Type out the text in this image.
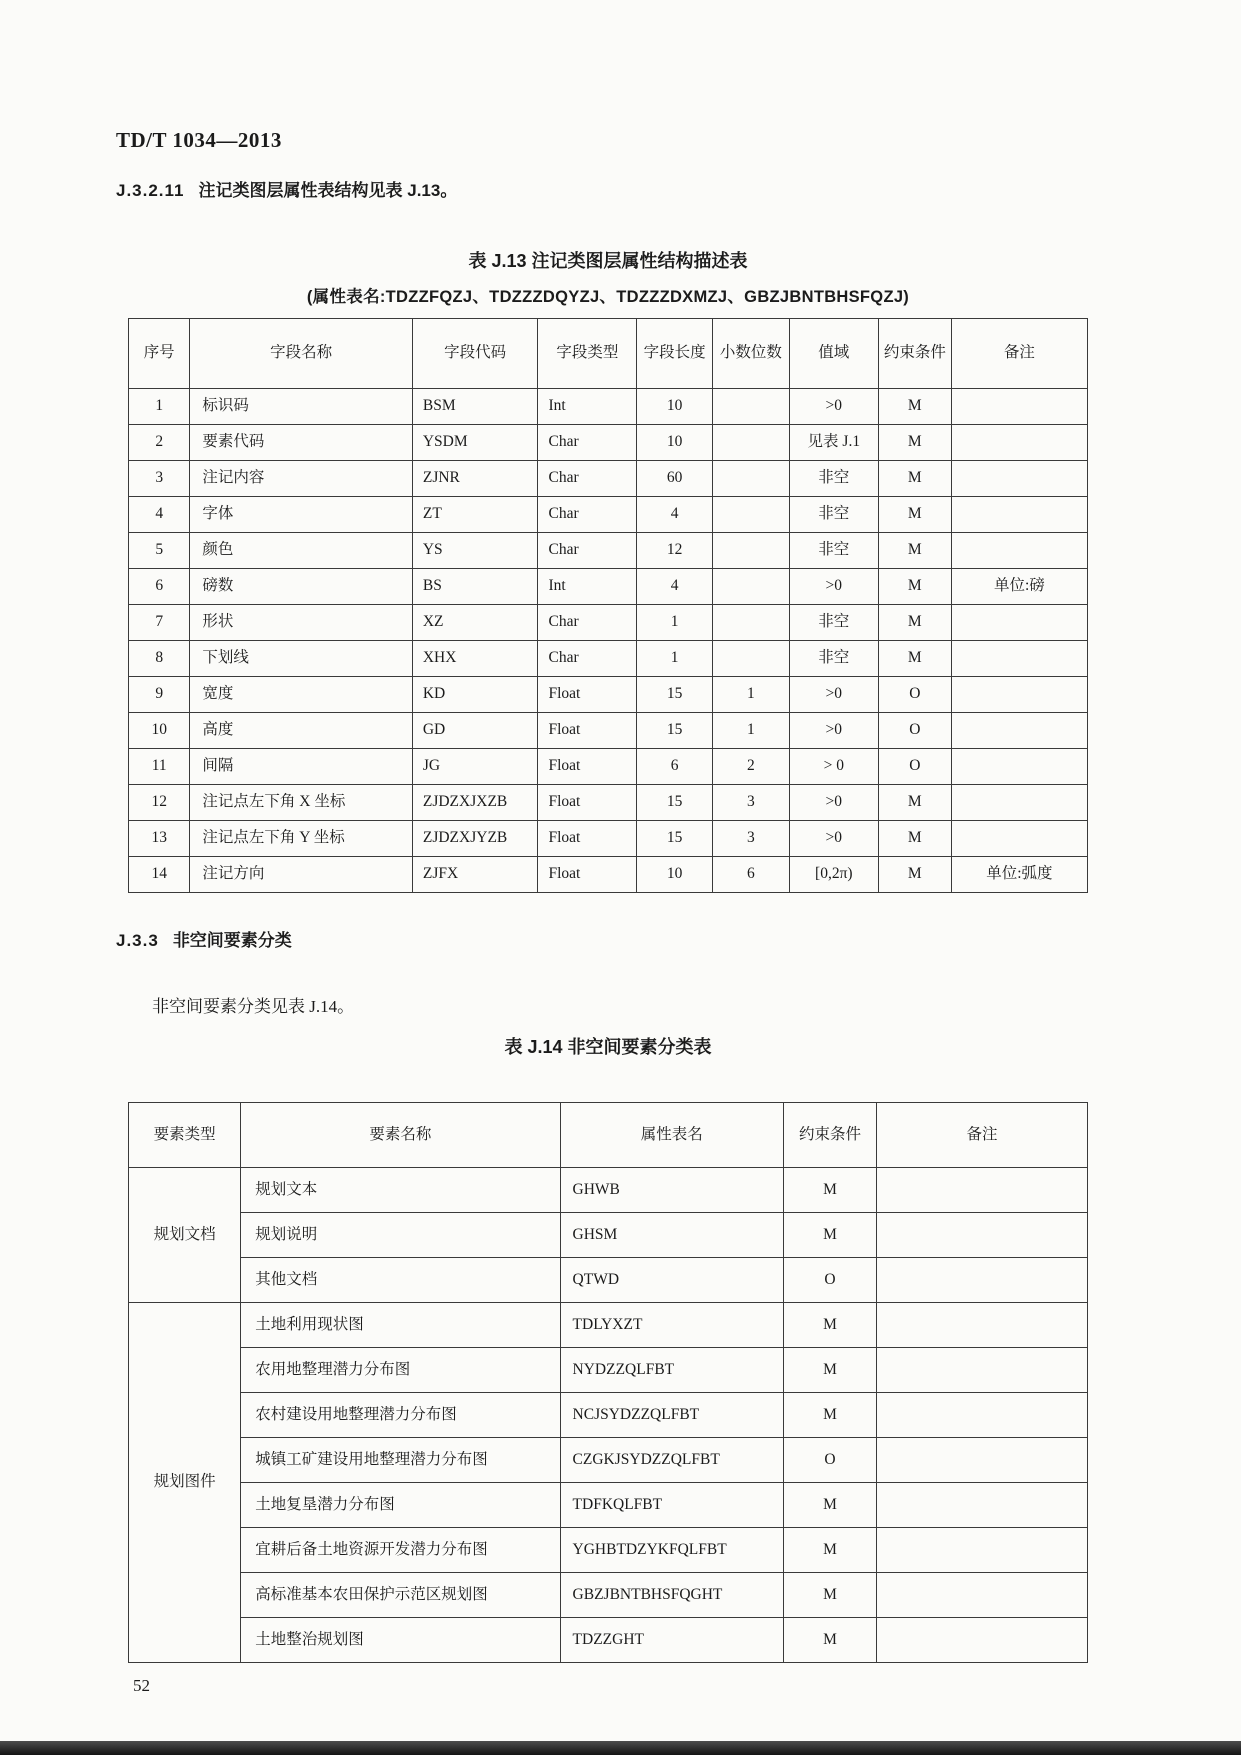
TD/T 1034—2013
J.3.2.11 注记类图层属性表结构见表 J.13。
表 J.13 注记类图层属性结构描述表
(属性表名:TDZZFQZJ、TDZZZDQYZJ、TDZZZDXMZJ、GBZJBNTBHSFQZJ)
序号	字段名称	字段代码	字段类型	字段长度	小数位数	值域	约束条件	备注
1	标识码	BSM	Int	10		>0	M	
2	要素代码	YSDM	Char	10		见表 J.1	M	
3	注记内容	ZJNR	Char	60		非空	M	
4	字体	ZT	Char	4		非空	M	
5	颜色	YS	Char	12		非空	M	
6	磅数	BS	Int	4		>0	M	单位:磅
7	形状	XZ	Char	1		非空	M	
8	下划线	XHX	Char	1		非空	M	
9	宽度	KD	Float	15	1	>0	O	
10	高度	GD	Float	15	1	>0	O	
11	间隔	JG	Float	6	2	> 0	O	
12	注记点左下角 X 坐标	ZJDZXJXZB	Float	15	3	>0	M	
13	注记点左下角 Y 坐标	ZJDZXJYZB	Float	15	3	>0	M	
14	注记方向	ZJFX	Float	10	6	[0,2π)	M	单位:弧度
J.3.3 非空间要素分类
非空间要素分类见表 J.14。
表 J.14 非空间要素分类表
要素类型	要素名称	属性表名	约束条件	备注
规划文档	规划文本	GHWB	M	
	规划说明	GHSM	M	
	其他文档	QTWD	O	
规划图件	土地利用现状图	TDLYXZT	M	
	农用地整理潜力分布图	NYDZZQLFBT	M	
	农村建设用地整理潜力分布图	NCJSYDZZQLFBT	M	
	城镇工矿建设用地整理潜力分布图	CZGKJSYDZZQLFBT	O	
	土地复垦潜力分布图	TDFKQLFBT	M	
	宜耕后备土地资源开发潜力分布图	YGHBTDZYKFQLFBT	M	
	高标准基本农田保护示范区规划图	GBZJBNTBHSFQGHT	M	
	土地整治规划图	TDZZGHT	M	
52
